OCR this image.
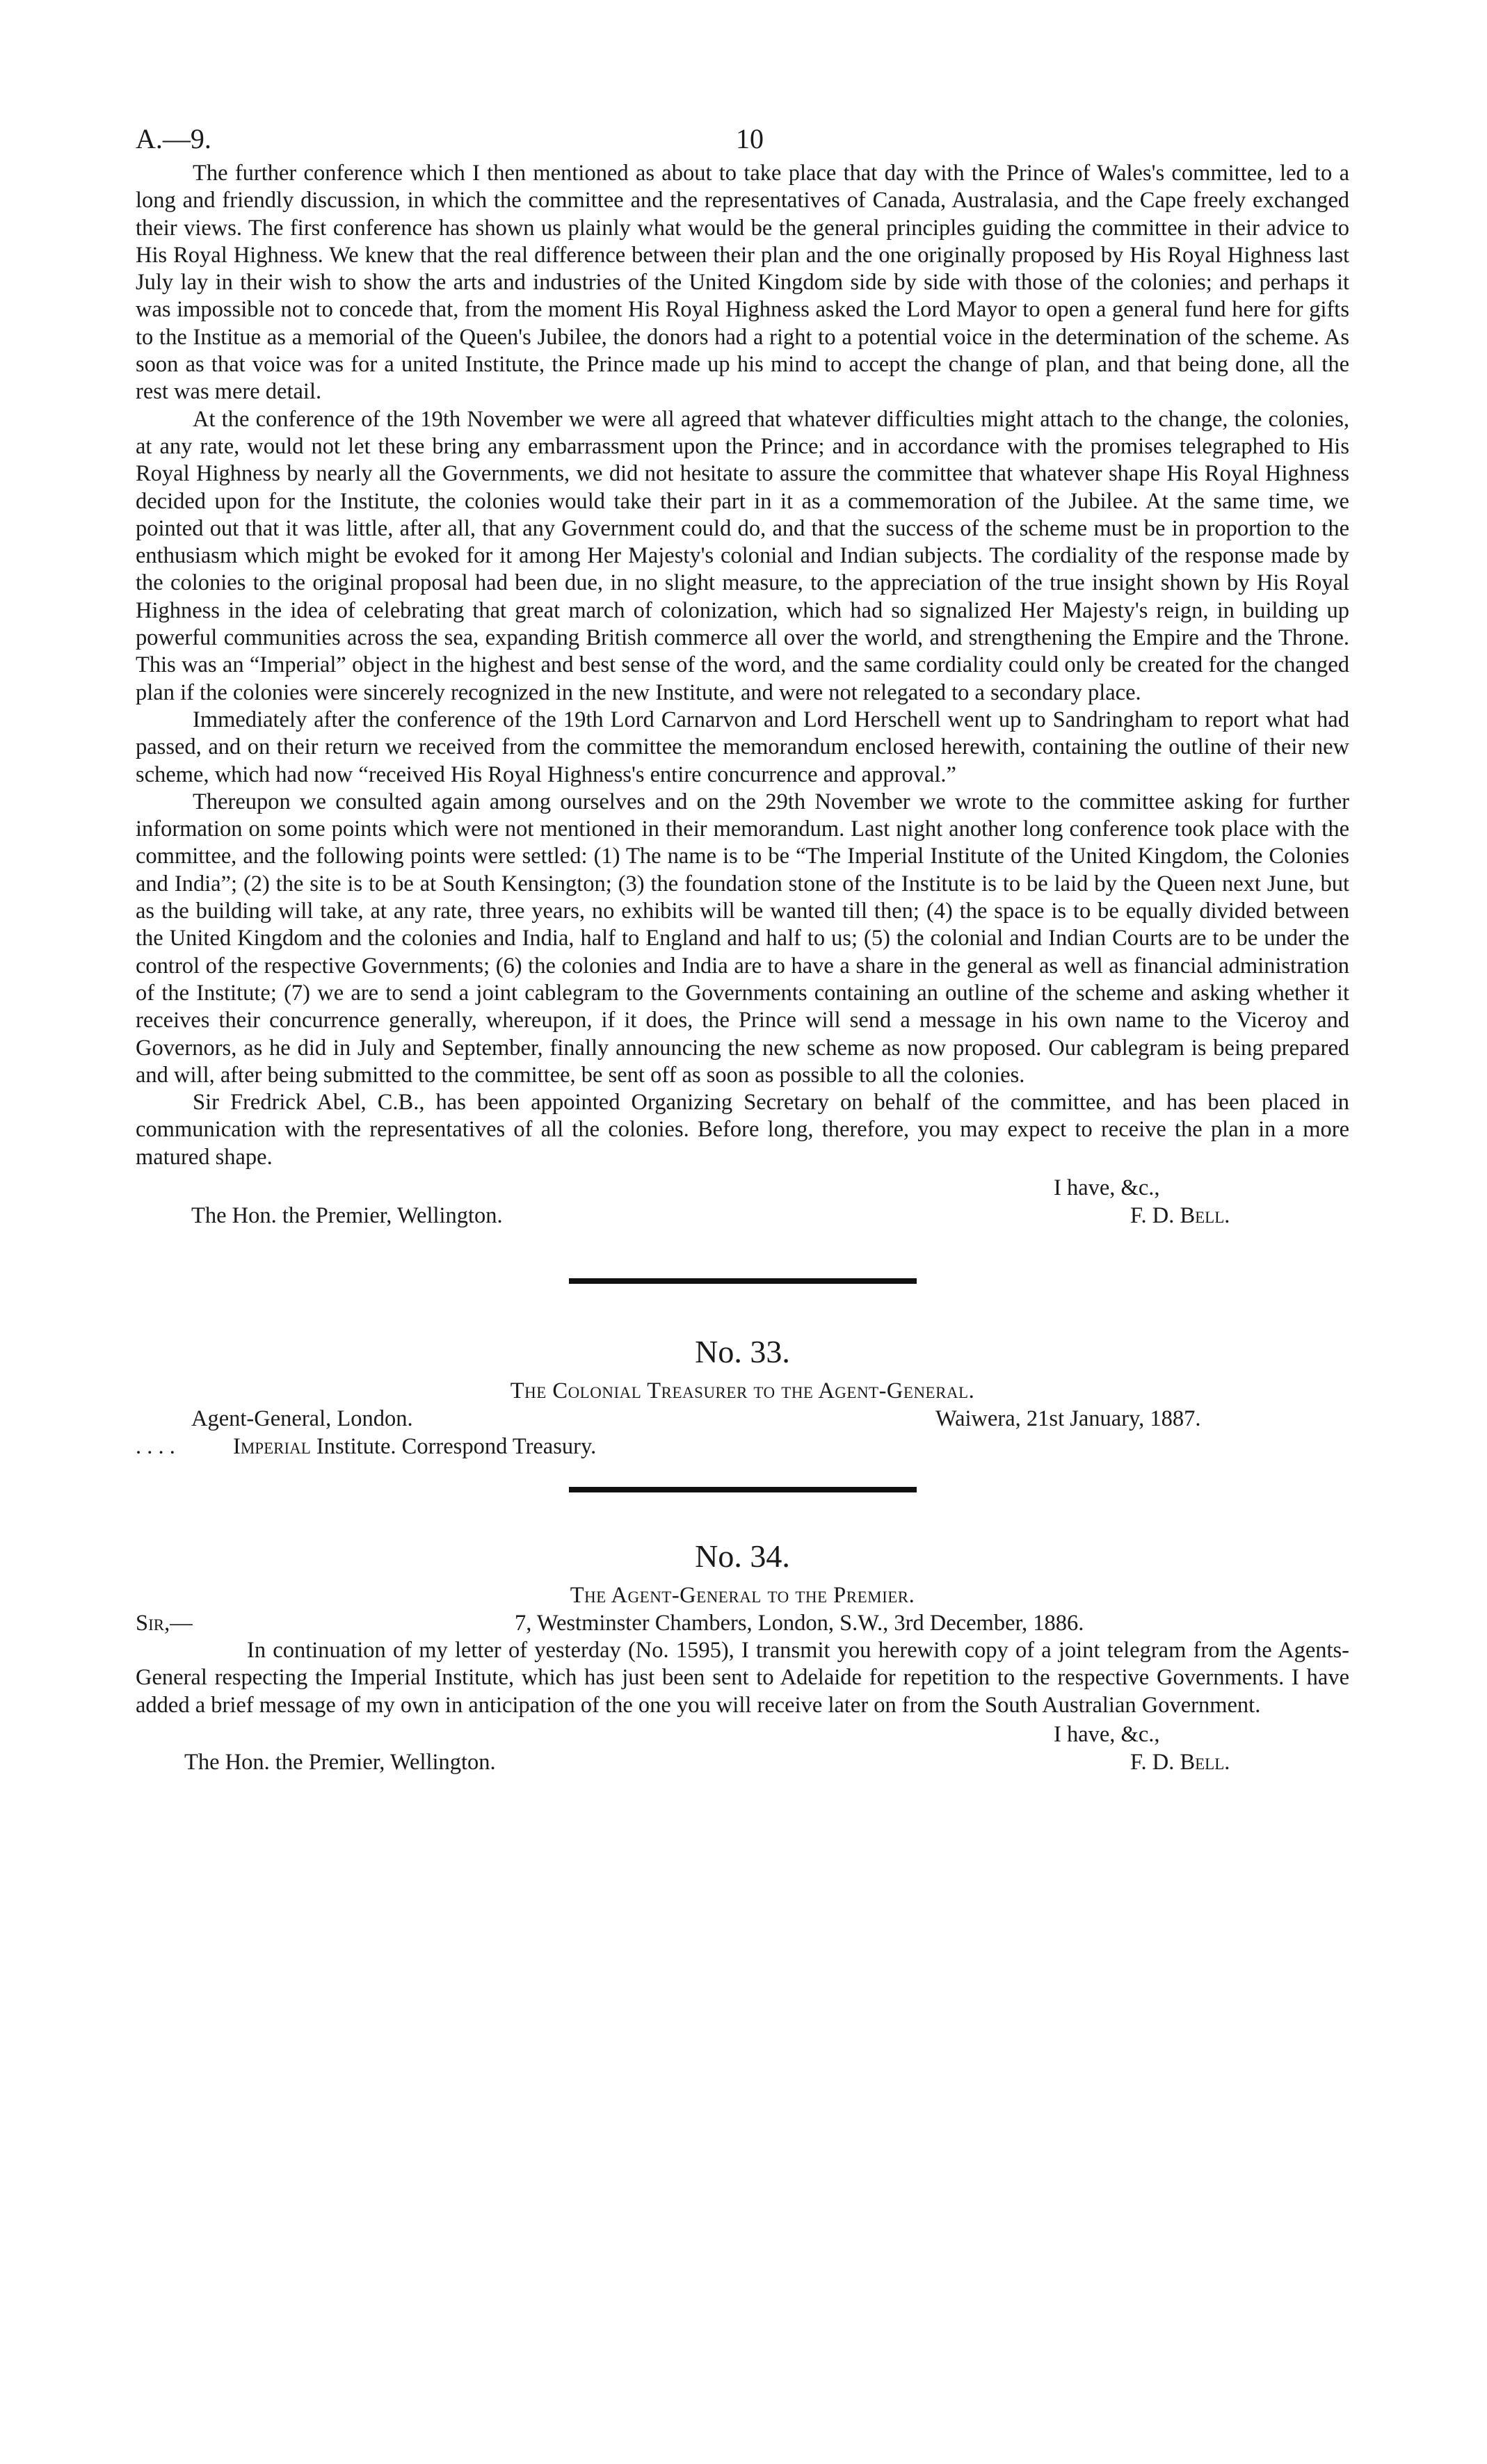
A.—9.	10

The further conference which I then mentioned as about to take place that day with the Prince of Wales's committee, led to a long and friendly discussion, in which the committee and the representatives of Canada, Australasia, and the Cape freely exchanged their views. The first conference has shown us plainly what would be the general principles guiding the committee in their advice to His Royal Highness. We knew that the real difference between their plan and the one originally proposed by His Royal Highness last July lay in their wish to show the arts and industries of the United Kingdom side by side with those of the colonies; and perhaps it was impossible not to concede that, from the moment His Royal Highness asked the Lord Mayor to open a general fund here for gifts to the Institue as a memorial of the Queen's Jubilee, the donors had a right to a potential voice in the determination of the scheme. As soon as that voice was for a united Institute, the Prince made up his mind to accept the change of plan, and that being done, all the rest was mere detail.

At the conference of the 19th November we were all agreed that whatever difficulties might attach to the change, the colonies, at any rate, would not let these bring any embarrassment upon the Prince; and in accordance with the promises telegraphed to His Royal Highness by nearly all the Governments, we did not hesitate to assure the committee that whatever shape His Royal Highness decided upon for the Institute, the colonies would take their part in it as a commemoration of the Jubilee. At the same time, we pointed out that it was little, after all, that any Government could do, and that the success of the scheme must be in proportion to the enthusiasm which might be evoked for it among Her Majesty's colonial and Indian subjects. The cordiality of the response made by the colonies to the original proposal had been due, in no slight measure, to the appreciation of the true insight shown by His Royal Highness in the idea of celebrating that great march of colonization, which had so signalized Her Majesty's reign, in building up powerful communities across the sea, expanding British commerce all over the world, and strengthening the Empire and the Throne. This was an “Imperial” object in the highest and best sense of the word, and the same cordiality could only be created for the changed plan if the colonies were sincerely recognized in the new Institute, and were not relegated to a secondary place.

Immediately after the conference of the 19th Lord Carnarvon and Lord Herschell went up to Sandringham to report what had passed, and on their return we received from the committee the memorandum enclosed herewith, containing the outline of their new scheme, which had now “received His Royal Highness's entire concurrence and approval.”

Thereupon we consulted again among ourselves and on the 29th November we wrote to the committee asking for further information on some points which were not mentioned in their memorandum. Last night another long conference took place with the committee, and the following points were settled: (1) The name is to be “The Imperial Institute of the United Kingdom, the Colonies and India”; (2) the site is to be at South Kensington; (3) the foundation stone of the Institute is to be laid by the Queen next June, but as the building will take, at any rate, three years, no exhibits will be wanted till then; (4) the space is to be equally divided between the United Kingdom and the colonies and India, half to England and half to us; (5) the colonial and Indian Courts are to be under the control of the respective Governments; (6) the colonies and India are to have a share in the general as well as financial administration of the Institute; (7) we are to send a joint cablegram to the Governments containing an outline of the scheme and asking whether it receives their concurrence generally, whereupon, if it does, the Prince will send a message in his own name to the Viceroy and Governors, as he did in July and September, finally announcing the new scheme as now proposed. Our cablegram is being prepared and will, after being submitted to the committee, be sent off as soon as possible to all the colonies.

Sir Fredrick Abel, C.B., has been appointed Organizing Secretary on behalf of the committee, and has been placed in communication with the representatives of all the colonies. Before long, therefore, you may expect to receive the plan in a more matured shape.

I have, &c.,
The Hon. the Premier, Wellington.	F. D. Bell.
No. 33.
The Colonial Treasurer to the Agent-General.
Agent-General, London.	Waiwera, 21st January, 1887.
. . . .	Imperial Institute. Correspond Treasury.
No. 34.
The Agent-General to the Premier.
Sir,—	7, Westminster Chambers, London, S.W., 3rd December, 1886.

In continuation of my letter of yesterday (No. 1595), I transmit you herewith copy of a joint telegram from the Agents-General respecting the Imperial Institute, which has just been sent to Adelaide for repetition to the respective Governments. I have added a brief message of my own in anticipation of the one you will receive later on from the South Australian Government.

I have, &c.,
The Hon. the Premier, Wellington.	F. D. Bell.
